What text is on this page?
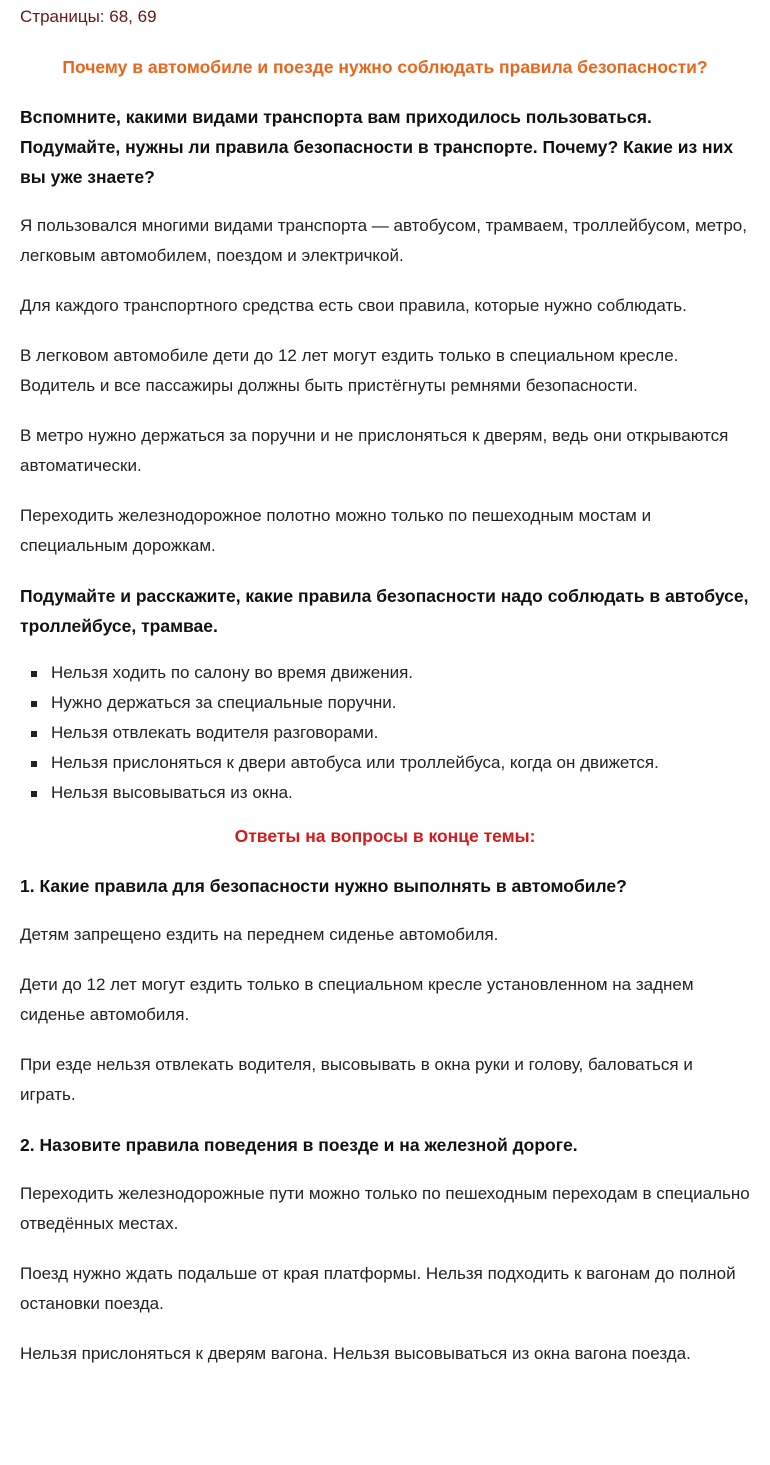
Страницы: 68, 69

Почему в автомобиле и поезде нужно соблюдать правила безопасности?

Вспомните, какими видами транспорта вам приходилось пользоваться. Подумайте, нужны ли правила безопасности в транспорте. Почему? Какие из них вы уже знаете?

Я пользовался многими видами транспорта — автобусом, трамваем, троллейбусом, метро, легковым автомобилем, поездом и электричкой.

Для каждого транспортного средства есть свои правила, которые нужно соблюдать.

В легковом автомобиле дети до 12 лет могут ездить только в специальном кресле. Водитель и все пассажиры должны быть пристёгнуты ремнями безопасности.

В метро нужно держаться за поручни и не прислоняться к дверям, ведь они открываются автоматически.

Переходить железнодорожное полотно можно только по пешеходным мостам и специальным дорожкам.

Подумайте и расскажите, какие правила безопасности надо соблюдать в автобусе, троллейбусе, трамвае.

Нельзя ходить по салону во время движения.
Нужно держаться за специальные поручни.
Нельзя отвлекать водителя разговорами.
Нельзя прислоняться к двери автобуса или троллейбуса, когда он движется.
Нельзя высовываться из окна.
Ответы на вопросы в конце темы:

1. Какие правила для безопасности нужно выполнять в автомобиле?

Детям запрещено ездить на переднем сиденье автомобиля.

Дети до 12 лет могут ездить только в специальном кресле установленном на заднем сиденье автомобиля.

При езде нельзя отвлекать водителя, высовывать в окна руки и голову, баловаться и играть.

2. Назовите правила поведения в поезде и на железной дороге.

Переходить железнодорожные пути можно только по пешеходным переходам в специально отведённых местах.

Поезд нужно ждать подальше от края платформы. Нельзя подходить к вагонам до полной остановки поезда.

Нельзя прислоняться к дверям вагона. Нельзя высовываться из окна вагона поезда.
